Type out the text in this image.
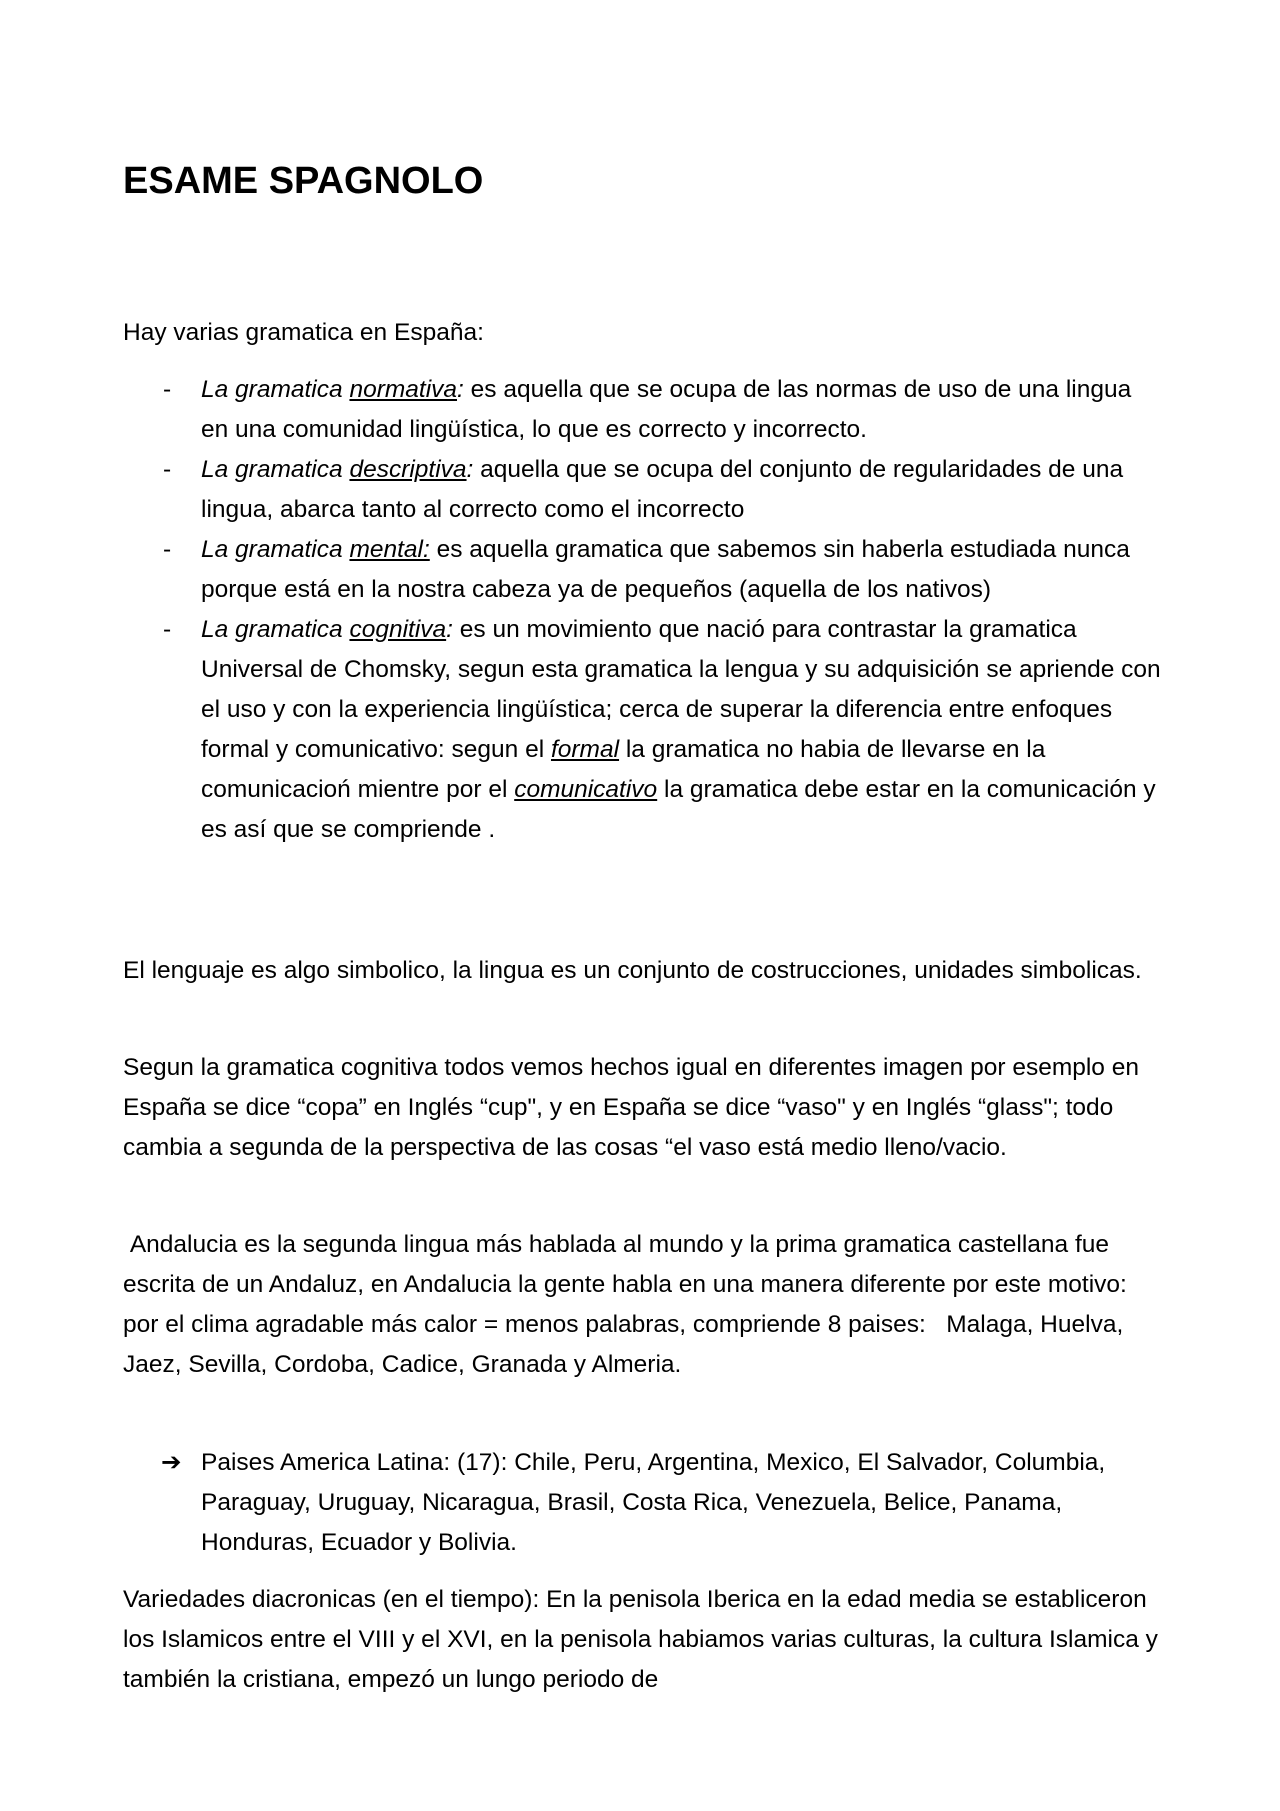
ESAME SPAGNOLO

Hay varias gramatica en España:

- La gramatica normativa: es aquella que se ocupa de las normas de uso de una lingua en una comunidad lingüística, lo que es correcto y incorrecto.
- La gramatica descriptiva: aquella que se ocupa del conjunto de regularidades de una lingua, abarca tanto al correcto como el incorrecto
- La gramatica mental: es aquella gramatica que sabemos sin haberla estudiada nunca porque está en la nostra cabeza ya de pequeños (aquella de los nativos)
- La gramatica cognitiva: es un movimiento que nació para contrastar la gramatica Universal de Chomsky, segun esta gramatica la lengua y su adquisición se apriende con el uso y con la experiencia lingüística; cerca de superar la diferencia entre enfoques formal y comunicativo: segun el formal la gramatica no habia de llevarse en la comunicacioń mientre por el comunicativo la gramatica debe estar en la comunicación y es así que se compriende .

El lenguaje es algo simbolico, la lingua es un conjunto de costrucciones, unidades simbolicas.

Segun la gramatica cognitiva todos vemos hechos igual en diferentes imagen por esemplo en España se dice “copa” en Inglés “cup", y en España se dice “vaso" y en Inglés “glass"; todo cambia a segunda de la perspectiva de las cosas “el vaso está medio lleno/vacio.

Andalucia es la segunda lingua más hablada al mundo y la prima gramatica castellana fue escrita de un Andaluz, en Andalucia la gente habla en una manera diferente por este motivo: por el clima agradable más calor = menos palabras, compriende 8 paises:   Malaga, Huelva, Jaez, Sevilla, Cordoba, Cadice, Granada y Almeria.

➔ Paises America Latina: (17): Chile, Peru, Argentina, Mexico, El Salvador, Columbia, Paraguay, Uruguay, Nicaragua, Brasil, Costa Rica, Venezuela, Belice, Panama, Honduras, Ecuador y Bolivia.

Variedades diacronicas (en el tiempo): En la penisola Iberica en la edad media se establiceron los Islamicos entre el VIII y el XVI, en la penisola habiamos varias culturas, la cultura Islamica y también la cristiana, empezó un lungo periodo de
